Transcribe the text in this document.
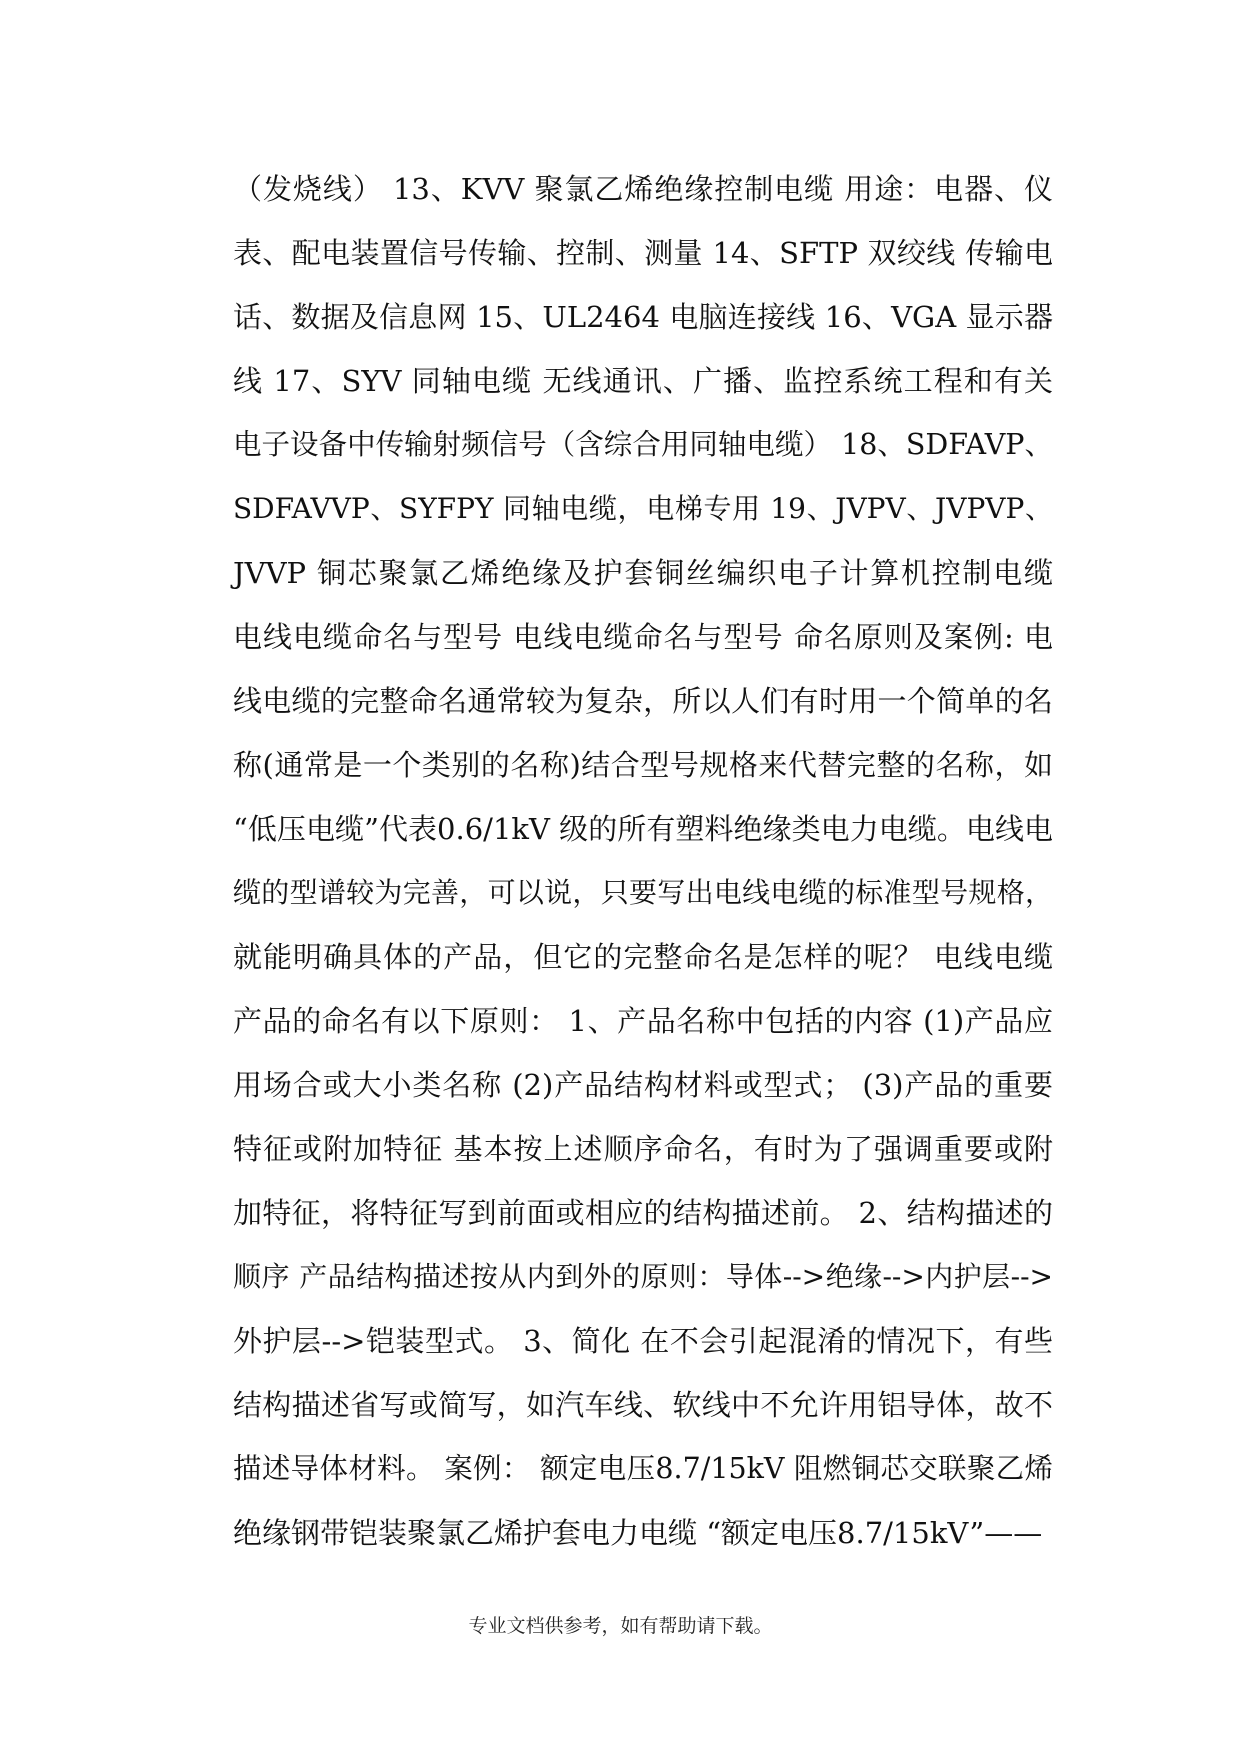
（发烧线） 13、KVV 聚氯乙烯绝缘控制电缆 用途：电器、仪
表、配电装置信号传输、控制、测量 14、SFTP 双绞线 传输电
话、数据及信息网 15、UL2464 电脑连接线 16、VGA 显示器
线 17、SYV 同轴电缆 无线通讯、广播、监控系统工程和有关
电子设备中传输射频信号（含综合用同轴电缆） 18、SDFAVP、
SDFAVVP、SYFPY 同轴电缆，电梯专用 19、JVPV、JVPVP、
JVVP 铜芯聚氯乙烯绝缘及护套铜丝编织电子计算机控制电缆
电线电缆命名与型号 电线电缆命名与型号 命名原则及案例: 电
线电缆的完整命名通常较为复杂，所以人们有时用一个简单的名
称(通常是一个类别的名称)结合型号规格来代替完整的名称，如
“低压电缆”代表0.6/1kV 级的所有塑料绝缘类电力电缆。电线电
缆的型谱较为完善，可以说，只要写出电线电缆的标准型号规格，
就能明确具体的产品，但它的完整命名是怎样的呢？ 电线电缆
产品的命名有以下原则： 1、产品名称中包括的内容 (1)产品应
用场合或大小类名称 (2)产品结构材料或型式； (3)产品的重要
特征或附加特征 基本按上述顺序命名，有时为了强调重要或附
加特征，将特征写到前面或相应的结构描述前。 2、结构描述的
顺序 产品结构描述按从内到外的原则：导体-->绝缘-->内护层-->
外护层-->铠装型式。 3、简化 在不会引起混淆的情况下，有些
结构描述省写或简写，如汽车线、软线中不允许用铝导体，故不
描述导体材料。 案例： 额定电压8.7/15kV 阻燃铜芯交联聚乙烯
绝缘钢带铠装聚氯乙烯护套电力电缆 “额定电压8.7/15kV”——
专业文档供参考，如有帮助请下载。
